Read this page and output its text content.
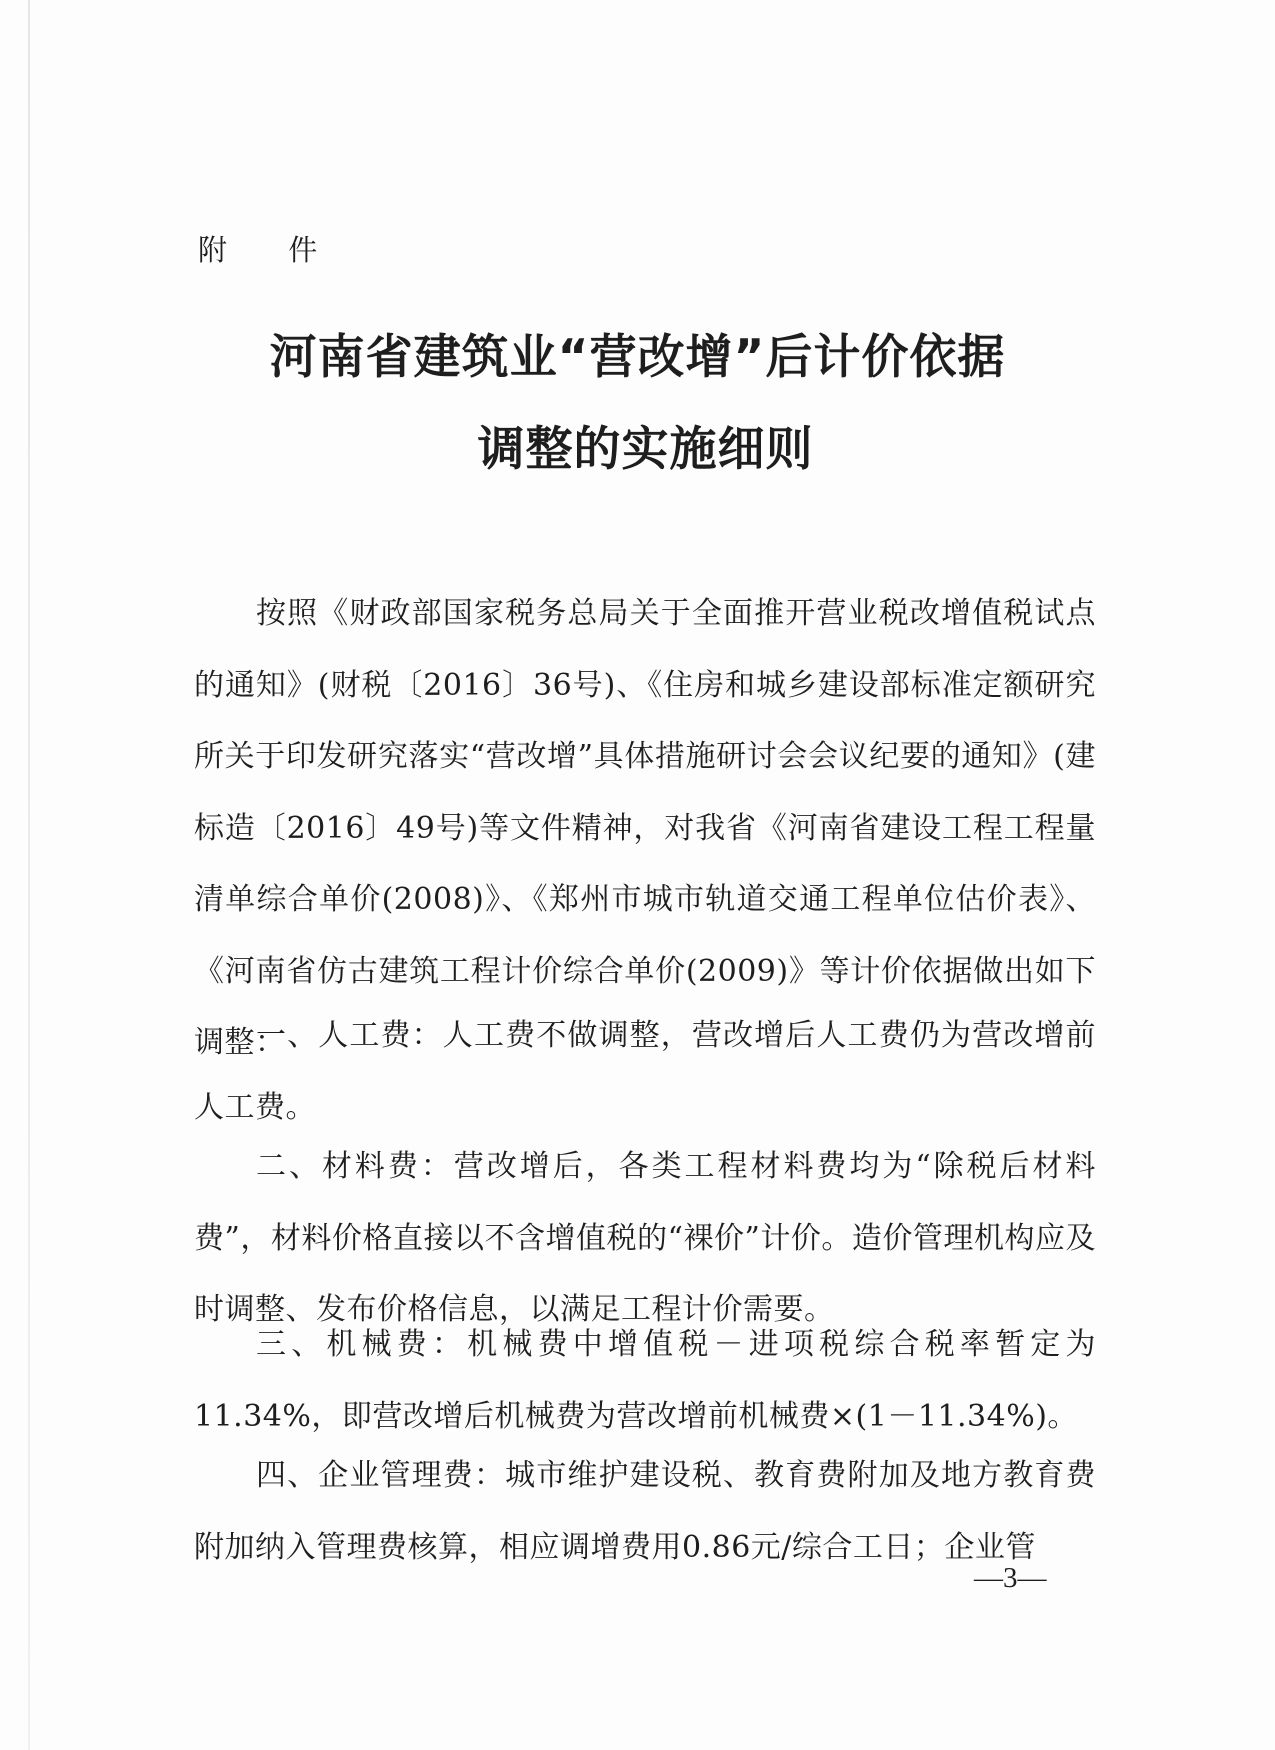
附 件
河南省建筑业“营改增”后计价依据
调整的实施细则

按照《财政部国家税务总局关于全面推开营业税改增值税试点的通知》(财税〔2016〕36号)、《住房和城乡建设部标准定额研究所关于印发研究落实“营改增”具体措施研讨会会议纪要的通知》(建标造〔2016〕49号)等文件精神，对我省《河南省建设工程工程量清单综合单价(2008)》、《郑州市城市轨道交通工程单位估价表》、《河南省仿古建筑工程计价综合单价(2009)》等计价依据做出如下调整：

一、人工费：人工费不做调整，营改增后人工费仍为营改增前人工费。

二、材料费：营改增后，各类工程材料费均为“除税后材料费”，材料价格直接以不含增值税的“裸价”计价。造价管理机构应及时调整、发布价格信息，以满足工程计价需要。

三、机械费：机械费中增值税－进项税综合税率暂定为11.34%，即营改增后机械费为营改增前机械费×(1－11.34%)。

四、企业管理费：城市维护建设税、教育费附加及地方教育费附加纳入管理费核算，相应调增费用0.86元/综合工日；企业管

—3—
